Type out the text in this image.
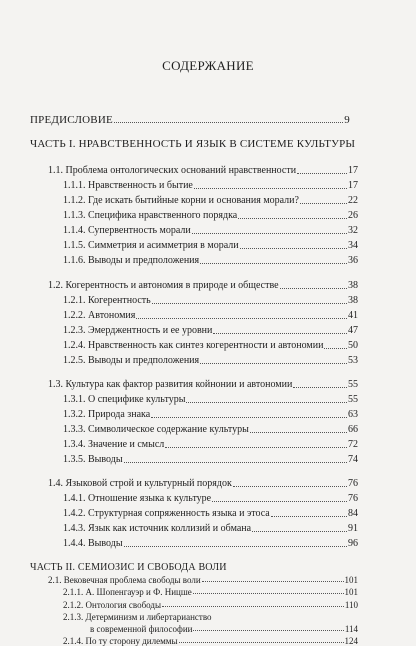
СОДЕРЖАНИЕ
ПРЕДИСЛОВИЕ	9
ЧАСТЬ I. НРАВСТВЕННОСТЬ И ЯЗЫК В СИСТЕМЕ КУЛЬТУРЫ
1.1. Проблема онтологических оснований нравственности	17
1.1.1. Нравственность и бытие	17
1.1.2. Где искать бытийные корни и основания морали?	22
1.1.3. Специфика нравственного порядка	26
1.1.4. Супервентность морали	32
1.1.5. Симметрия и асимметрия в морали	34
1.1.6. Выводы и предположения	36
1.2. Когерентность и автономия в природе и обществе	38
1.2.1. Когерентность	38
1.2.2. Автономия	41
1.2.3. Эмерджентность и ее уровни	47
1.2.4. Нравственность как синтез когерентности и автономии 50
1.2.5. Выводы и предположения	53
1.3. Культура как фактор развития койнонии и автономии	55
1.3.1. О специфике культуры	55
1.3.2. Природа знака	63
1.3.3. Символическое содержание культуры	66
1.3.4. Значение и смысл	72
1.3.5. Выводы	74
1.4. Языковой строй и культурный порядок	76
1.4.1. Отношение языка к культуре	76
1.4.2. Структурная сопряженность языка и этоса	84
1.4.3. Язык как источник коллизий и обмана	91
1.4.4. Выводы	96
ЧАСТЬ II. СЕМИОЗИС И СВОБОДА ВОЛИ
2.1. Вековечная проблема свободы воли	101
2.1.1. А. Шопенгауэр и Ф. Ницше	101
2.1.2. Онтология свободы	110
2.1.3. Детерминизм и либертарианство
в современной философии	114
2.1.4. По ту сторону дилеммы	124
